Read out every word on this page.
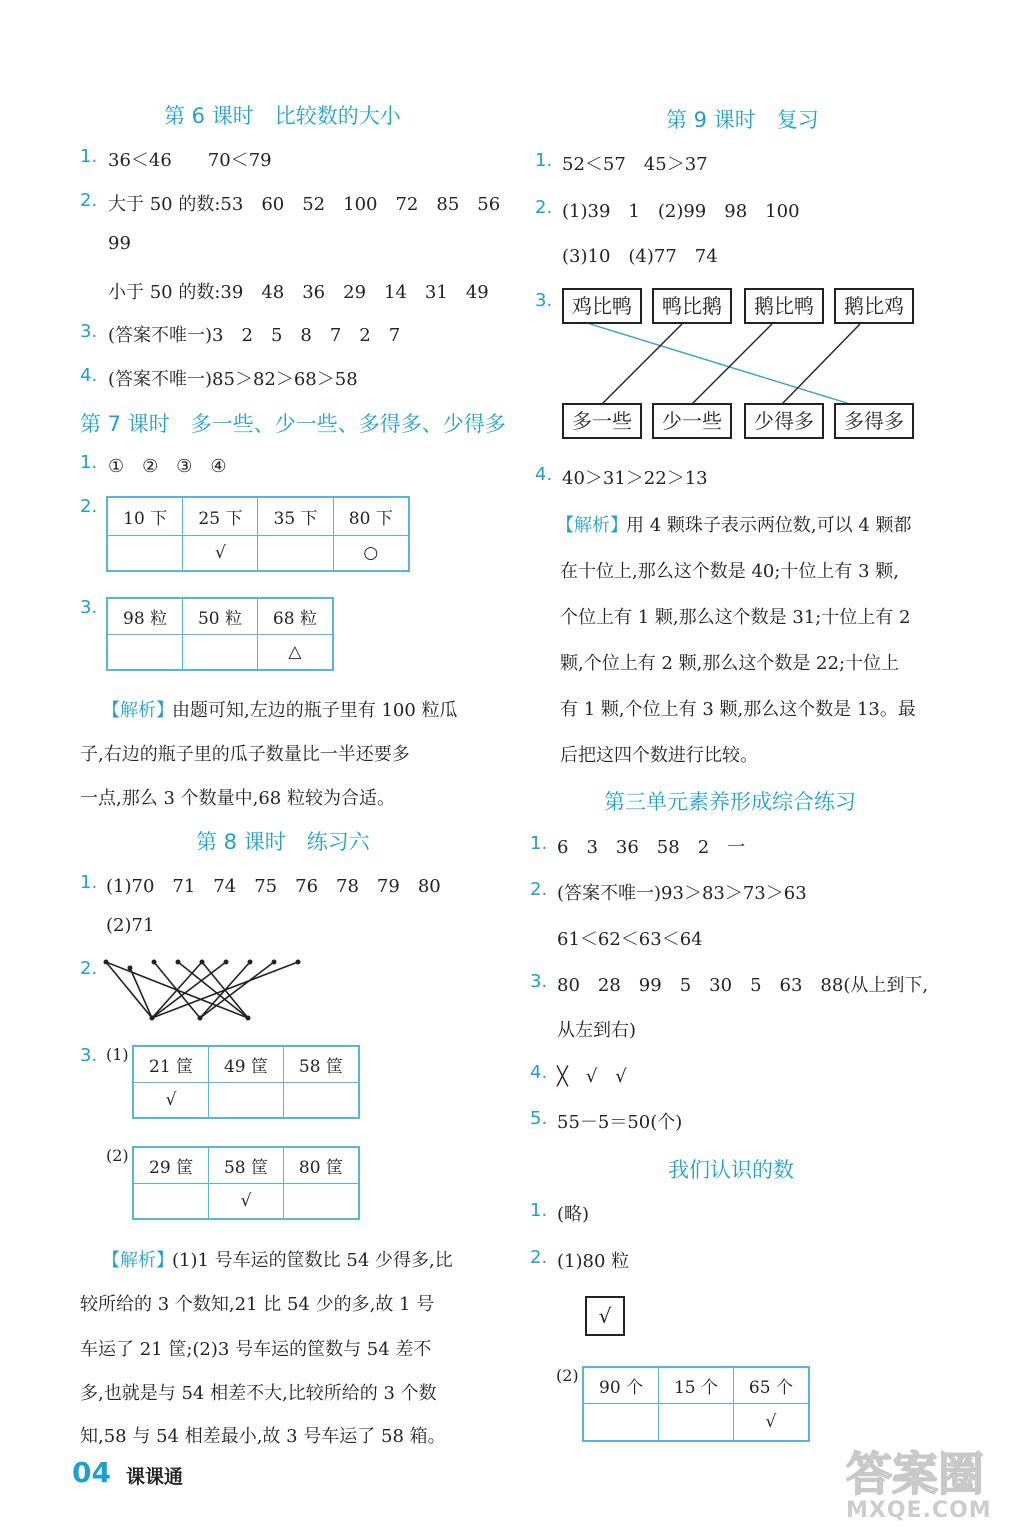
第 6 课时　比较数的大小
1. 36＜46　　70＜79
2. 大于 50 的数:53　60　52　100　72　85　56
99
小于 50 的数:39　48　36　29　14　31　49
3. (答案不唯一)3　2　5　8　7　2　7
4. (答案不唯一)85＞82＞68＞58
第 7 课时　多一些、少一些、多得多、少得多
1. ①　②　③　④
2.
10 下	25 下	35 下	80 下
	√		○
3.
98 粒	50 粒	68 粒
		△
【解析】
由题可知,左边的瓶子里有 100 粒瓜
子,右边的瓶子里的瓜子数量比一半还要多
一点,那么 3 个数量中,68 粒较为合适。
第 8 课时　练习六
1. (1)70　71　74　75　76　78　79　80
(2)71
2.
3. (1)
21 筐	49 筐	58 筐
√		
(2)
29 筐	58 筐	80 筐
	√	
【解析】
(1)1 号车运的筐数比 54 少得多,比
较所给的 3 个数知,21 比 54 少的多,故 1 号
车运了 21 筐;(2)3 号车运的筐数与 54 差不
多,也就是与 54 相差不大,比较所给的 3 个数
知,58 与 54 相差最小,故 3 号车运了 58 箱。
第 9 课时　复习
1. 52＜57　45＞37
2. (1)39　1　(2)99　98　100
(3)10　(4)77　74
3. 鸡比鸭	鸭比鹅	鹅比鸭	鹅比鸡
多一些	少一些	少得多	多得多
4. 40＞31＞22＞13
【解析】
用 4 颗珠子表示两位数,可以 4 颗都
在十位上,那么这个数是 40;十位上有 3 颗,
个位上有 1 颗,那么这个数是 31;十位上有 2
颗,个位上有 2 颗,那么这个数是 22;十位上
有 1 颗,个位上有 3 颗,那么这个数是 13。最
后把这四个数进行比较。
第三单元素养形成综合练习
1. 6　3　36　58　2　一
2. (答案不唯一)93＞83＞73＞63
61＜62＜63＜64
3. 80　28　99　5　30　5　63　88(从上到下,
从左到右)
4. ╳　√　√
5. 55－5＝50(个)
我们认识的数
1. (略)
2. (1)80 粒
√
(2)
90 个	15 个	65 个
		√
04 课课通	答案圈
MXQE.COM
